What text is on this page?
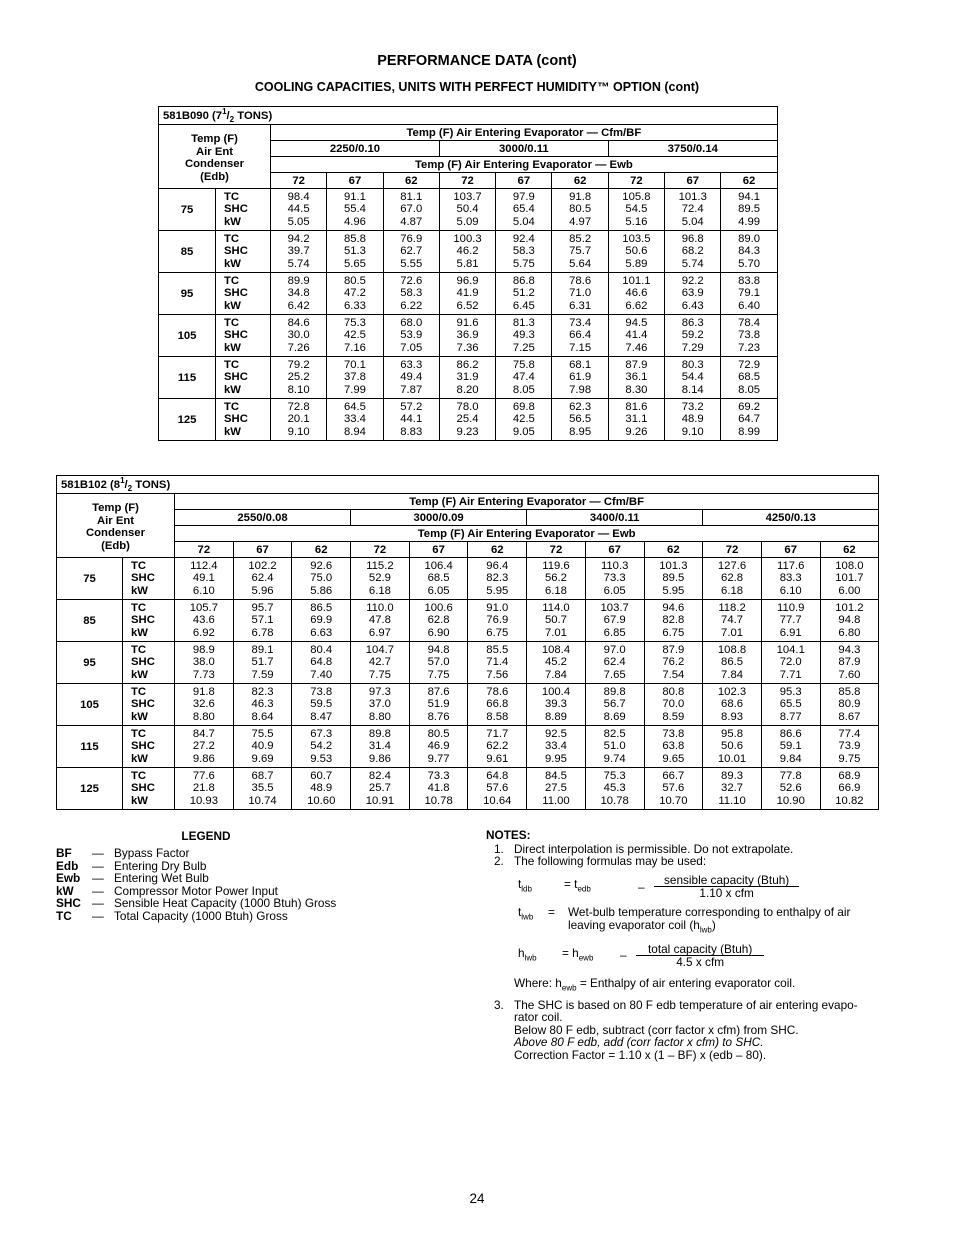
PERFORMANCE DATA (cont)
COOLING CAPACITIES, UNITS WITH PERFECT HUMIDITY™ OPTION (cont)
581B090 ($7^1/_2$ TONS)										

Temp (F)
Air Ent
Condenser
(Edb)		Temp (F) Air Entering Evaporator — Cfm/BF								
		2250/0.10			3000/0.11			3750/0.14		
		Temp (F) Air Entering Evaporator — Ewb								
		72	67	62	72	67	62	72	67	62
75	TC
SHC
kW	98.4
44.5
5.05	91.1
55.4
4.96	81.1
67.0
4.87	103.7
50.4
5.09	97.9
65.4
5.04	91.8
80.5
4.97	105.8
54.5
5.16	101.3
72.4
5.04	94.1
89.5
4.99

85	TC
SHC
kW	94.2
39.7
5.74	85.8
51.3
5.65	76.9
62.7
5.55	100.3
46.2
5.81	92.4
58.3
5.75	85.2
75.7
5.64	103.5
50.6
5.89	96.8
68.2
5.74	89.0
84.3
5.70

95	TC
SHC
kW	89.9
34.8
6.42	80.5
47.2
6.33	72.6
58.3
6.22	96.9
41.9
6.52	86.8
51.2
6.45	78.6
71.0
6.31	101.1
46.6
6.62	92.2
63.9
6.43	83.8
79.1
6.40

105	TC
SHC
kW	84.6
30.0
7.26	75.3
42.5
7.16	68.0
53.9
7.05	91.6
36.9
7.36	81.3
49.3
7.25	73.4
66.4
7.15	94.5
41.4
7.46	86.3
59.2
7.29	78.4
73.8
7.23

115	TC
SHC
kW	79.2
25.2
8.10	70.1
37.8
7.99	63.3
49.4
7.87	86.2
31.9
8.20	75.8
47.4
8.05	68.1
61.9
7.98	87.9
36.1
8.30	80.3
54.4
8.14	72.9
68.5
8.05

125	TC
SHC
kW	72.8
20.1
9.10	64.5
33.4
8.94	57.2
44.1
8.83	78.0
25.4
9.23	69.8
42.5
9.05	62.3
56.5
8.95	81.6
31.1
9.26	73.2
48.9
9.10	69.2
64.7
8.99
581B102 ($8^1/_2$ TONS)													

Temp (F)
Air Ent
Condenser
(Edb)		Temp (F) Air Entering Evaporator — Cfm/BF											
		2550/0.08			3000/0.09			3400/0.11			4250/0.13		
		Temp (F) Air Entering Evaporator — Ewb											
		72	67	62	72	67	62	72	67	62	72	67	62
75	TC
SHC
kW	112.4
49.1
6.10	102.2
62.4
5.96	92.6
75.0
5.86	115.2
52.9
6.18	106.4
68.5
6.05	96.4
82.3
5.95	119.6
56.2
6.18	110.3
73.3
6.05	101.3
89.5
5.95	127.6
62.8
6.18	117.6
83.3
6.10	108.0
101.7
6.00

85	TC
SHC
kW	105.7
43.6
6.92	95.7
57.1
6.78	86.5
69.9
6.63	110.0
47.8
6.97	100.6
62.8
6.90	91.0
76.9
6.75	114.0
50.7
7.01	103.7
67.9
6.85	94.6
82.8
6.75	118.2
74.7
7.01	110.9
77.7
6.91	101.2
94.8
6.80

95	TC
SHC
kW	98.9
38.0
7.73	89.1
51.7
7.59	80.4
64.8
7.40	104.7
42.7
7.75	94.8
57.0
7.75	85.5
71.4
7.56	108.4
45.2
7.84	97.0
62.4
7.65	87.9
76.2
7.54	108.8
86.5
7.84	104.1
72.0
7.71	94.3
87.9
7.60

105	TC
SHC
kW	91.8
32.6
8.80	82.3
46.3
8.64	73.8
59.5
8.47	97.3
37.0
8.80	87.6
51.9
8.76	78.6
66.8
8.58	100.4
39.3
8.89	89.8
56.7
8.69	80.8
70.0
8.59	102.3
68.6
8.93	95.3
65.5
8.77	85.8
80.9
8.67

115	TC
SHC
kW	84.7
27.2
9.86	75.5
40.9
9.69	67.3
54.2
9.53	89.8
31.4
9.86	80.5
46.9
9.77	71.7
62.2
9.61	92.5
33.4
9.95	82.5
51.0
9.74	73.8
63.8
9.65	95.8
50.6
10.01	86.6
59.1
9.84	77.4
73.9
9.75

125	TC
SHC
kW	77.6
21.8
10.93	68.7
35.5
10.74	60.7
48.9
10.60	82.4
25.7
10.91	73.3
41.8
10.78	64.8
57.6
10.64	84.5
27.5
11.00	75.3
45.3
10.78	66.7
57.6
10.70	89.3
32.7
11.10	77.8
52.6
10.90	68.9
66.9
10.82
LEGEND
BF	— Bypass Factor
Edb	— Entering Dry Bulb
Ewb — Entering Wet Bulb
kW	— Compressor Motor Power Input
SHC — Sensible Heat Capacity (1000 Btuh) Gross
TC	— Total Capacity (1000 Btuh) Gross
NOTES:
1. Direct interpolation is permissible. Do not extrapolate.
2. The following formulas may be used:
$t_{ldb}$	= $t_{edb}$	– $\frac{\text{sensible capacity (Btuh)}}{\text{1.10 x cfm}}$
$t_{lwb}$	=	Wet-bulb temperature corresponding to enthalpy of air leaving evaporator coil $(h_{lwb})$
$h_{lwb}$	= $h_{ewb}$	– $\frac{\text{total capacity (Btuh)}}{\text{4.5 x cfm}}$
Where: $h_{ewb}$ = Enthalpy of air entering evaporator coil.
3. The SHC is based on 80 F edb temperature of air entering evapo-rator coil.
Below 80 F edb, subtract (corr factor x cfm) from SHC.
Above 80 F edb, add (corr factor x cfm) to SHC.
Correction Factor = 1.10 x (1 – BF) x (edb – 80).
24
